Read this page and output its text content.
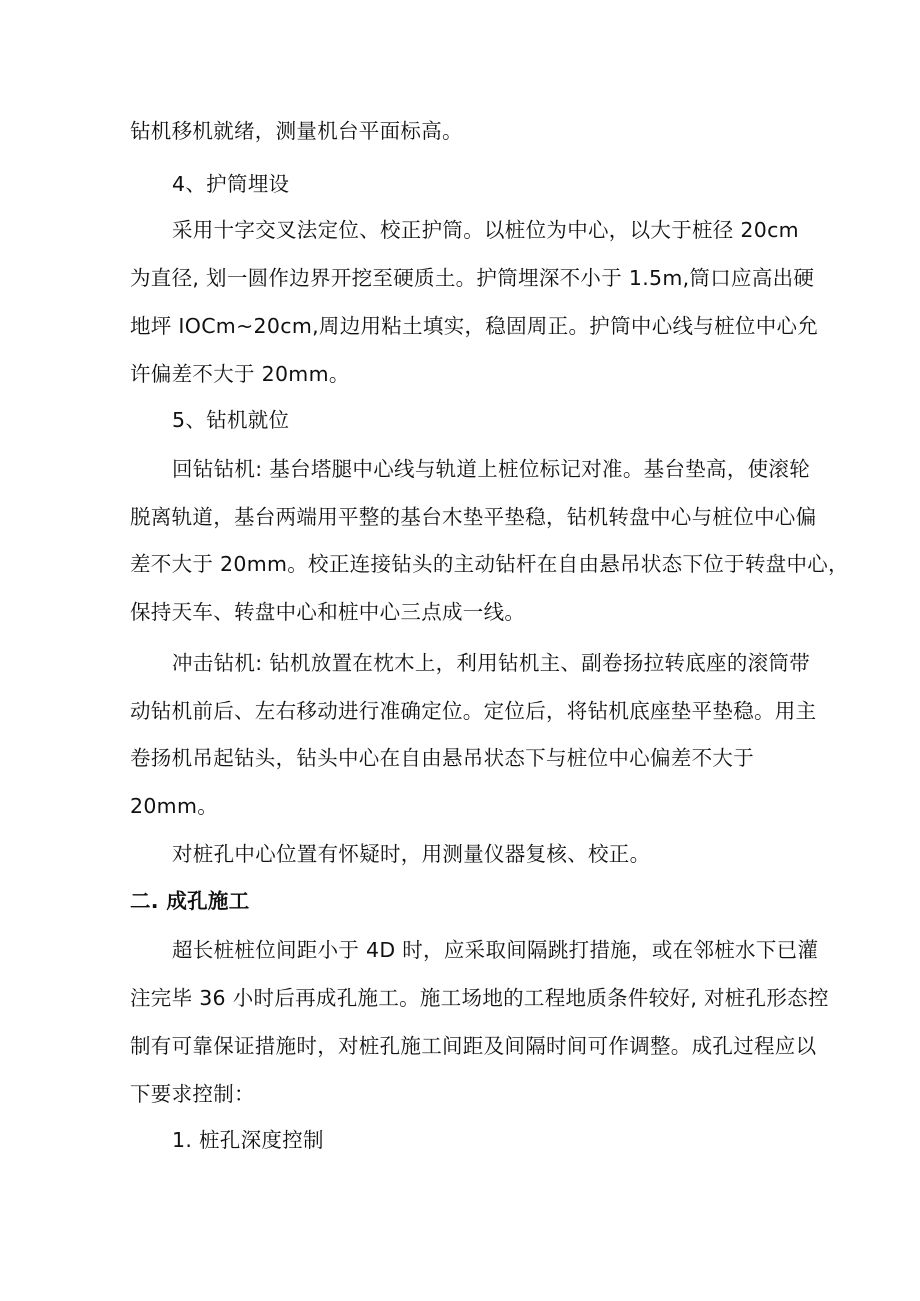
钻机移机就绪，测量机台平面标高。
4、护筒埋设
采用十字交叉法定位、校正护筒。以桩位为中心，以大于桩径 20cm
为直径, 划一圆作边界开挖至硬质土。护筒埋深不小于 1.5m,筒口应高出硬
地坪 IOCm~20cm,周边用粘土填实，稳固周正。护筒中心线与桩位中心允
许偏差不大于 20mm。
5、钻机就位
回钻钻机: 基台塔腿中心线与轨道上桩位标记对准。基台垫高，使滚轮
脱离轨道，基台两端用平整的基台木垫平垫稳，钻机转盘中心与桩位中心偏
差不大于 20mm。校正连接钻头的主动钻杆在自由悬吊状态下位于转盘中心，
保持天车、转盘中心和桩中心三点成一线。
冲击钻机: 钻机放置在枕木上，利用钻机主、副卷扬拉转底座的滚筒带
动钻机前后、左右移动进行准确定位。定位后，将钻机底座垫平垫稳。用主
卷扬机吊起钻头，钻头中心在自由悬吊状态下与桩位中心偏差不大于
20mm。
对桩孔中心位置有怀疑时，用测量仪器复核、校正。
二. 成孔施工
超长桩桩位间距小于 4D 时，应采取间隔跳打措施，或在邻桩水下已灌
注完毕 36 小时后再成孔施工。施工场地的工程地质条件较好, 对桩孔形态控
制有可靠保证措施时，对桩孔施工间距及间隔时间可作调整。成孔过程应以
下要求控制：
1. 桩孔深度控制
